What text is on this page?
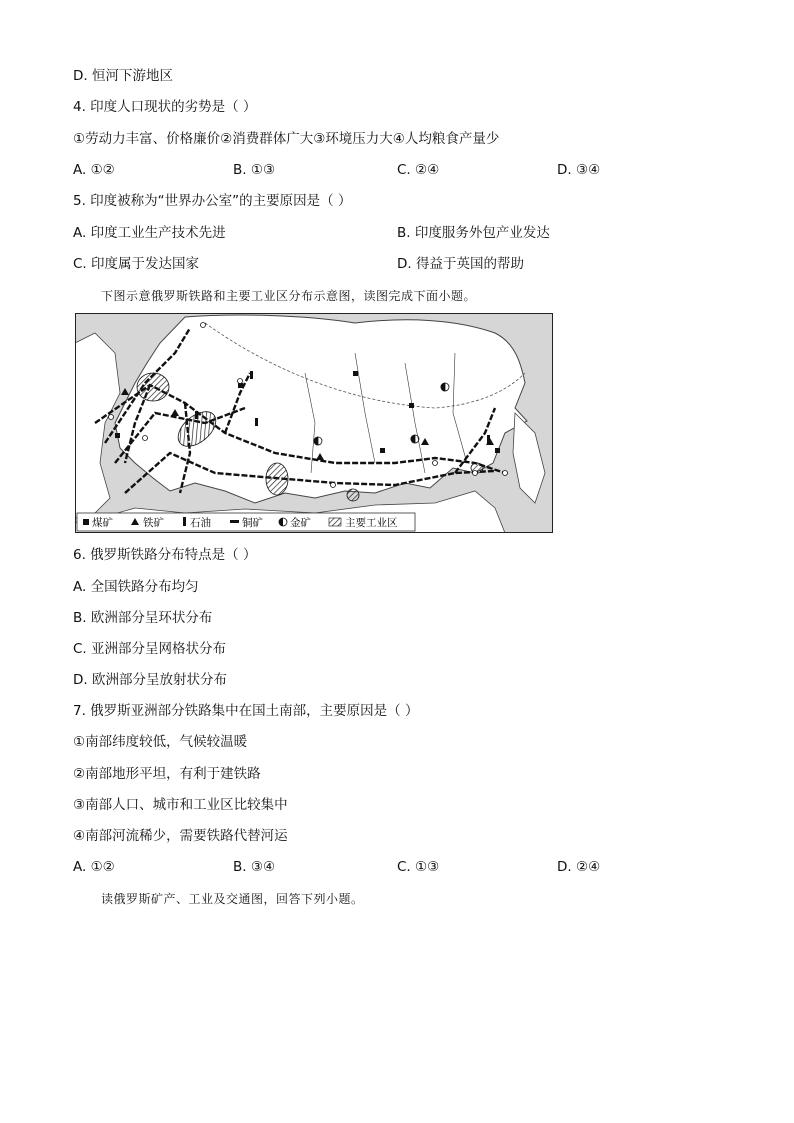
D. 恒河下游地区
4. 印度人口现状的劣势是（ ）
①劳动力丰富、价格廉价②消费群体广大③环境压力大④人均粮食产量少
A. ①②	B. ①③	C. ②④	D. ③④
5. 印度被称为“世界办公室”的主要原因是（ ）
A. 印度工业生产技术先进	B. 印度服务外包产业发达
C. 印度属于发达国家	D. 得益于英国的帮助
下图示意俄罗斯铁路和主要工业区分布示意图，读图完成下面小题。
煤矿	铁矿 石油	铜矿	金矿	主要工业区
6. 俄罗斯铁路分布特点是（ ）
A. 全国铁路分布均匀
B. 欧洲部分呈环状分布
C. 亚洲部分呈网格状分布
D. 欧洲部分呈放射状分布
7. 俄罗斯亚洲部分铁路集中在国土南部，主要原因是（ ）
①南部纬度较低，气候较温暖
②南部地形平坦，有利于建铁路
③南部人口、城市和工业区比较集中
④南部河流稀少，需要铁路代替河运
A. ①②	B. ③④	C. ①③	D. ②④
读俄罗斯矿产、工业及交通图，回答下列小题。
